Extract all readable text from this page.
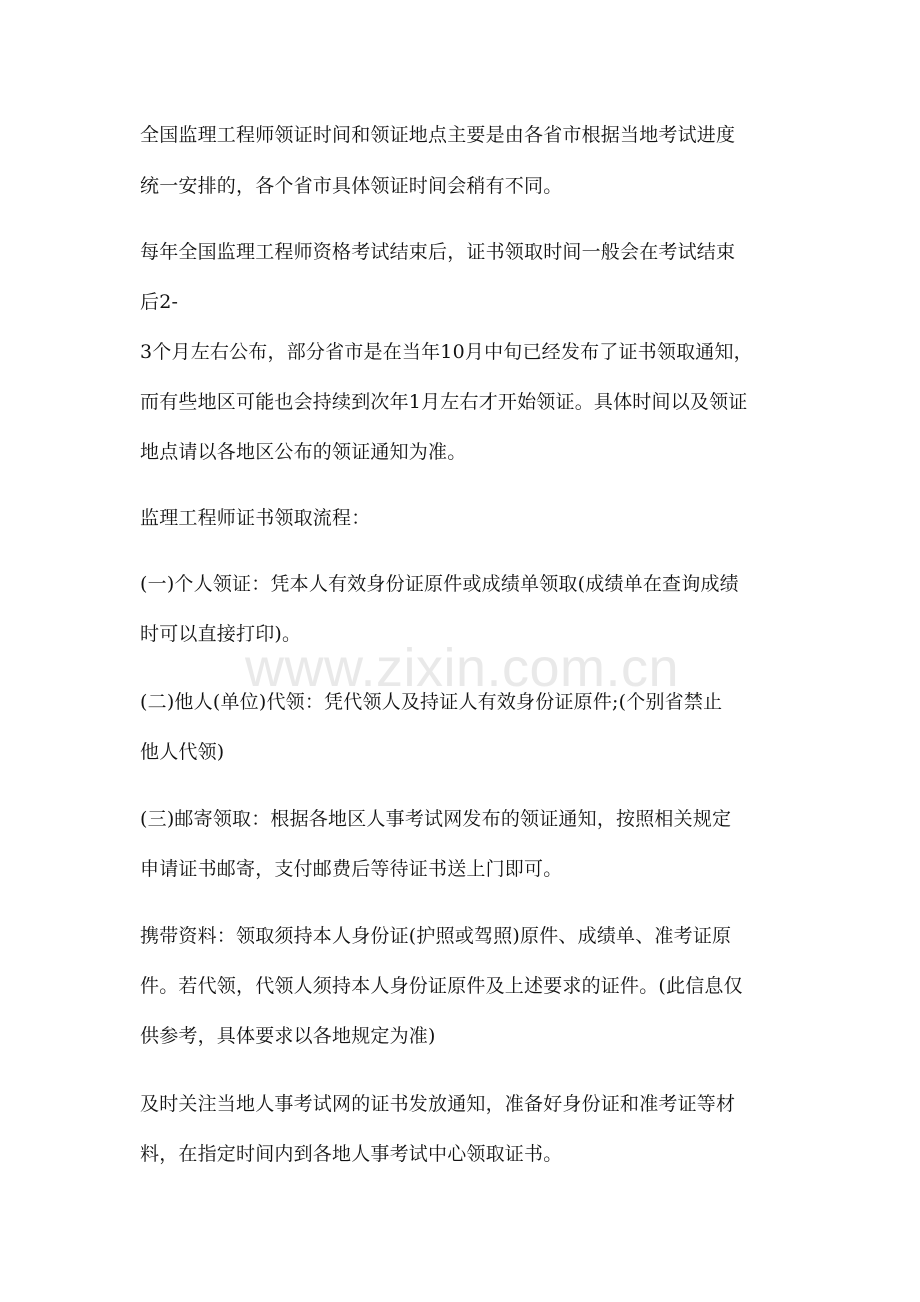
www.zixin.com.cn
全国监理工程师领证时间和领证地点主要是由各省市根据当地考试进度
统一安排的，各个省市具体领证时间会稍有不同。
每年全国监理工程师资格考试结束后，证书领取时间一般会在考试结束
后2-
3个月左右公布，部分省市是在当年10月中旬已经发布了证书领取通知，
而有些地区可能也会持续到次年1月左右才开始领证。具体时间以及领证
地点请以各地区公布的领证通知为准。
监理工程师证书领取流程：
(一)个人领证：凭本人有效身份证原件或成绩单领取(成绩单在查询成绩
时可以直接打印)。
(二)他人(单位)代领：凭代领人及持证人有效身份证原件;(个别省禁止
他人代领)
(三)邮寄领取：根据各地区人事考试网发布的领证通知，按照相关规定
申请证书邮寄，支付邮费后等待证书送上门即可。
携带资料：领取须持本人身份证(护照或驾照)原件、成绩单、准考证原
件。若代领，代领人须持本人身份证原件及上述要求的证件。(此信息仅
供参考，具体要求以各地规定为准)
及时关注当地人事考试网的证书发放通知，准备好身份证和准考证等材
料，在指定时间内到各地人事考试中心领取证书。
